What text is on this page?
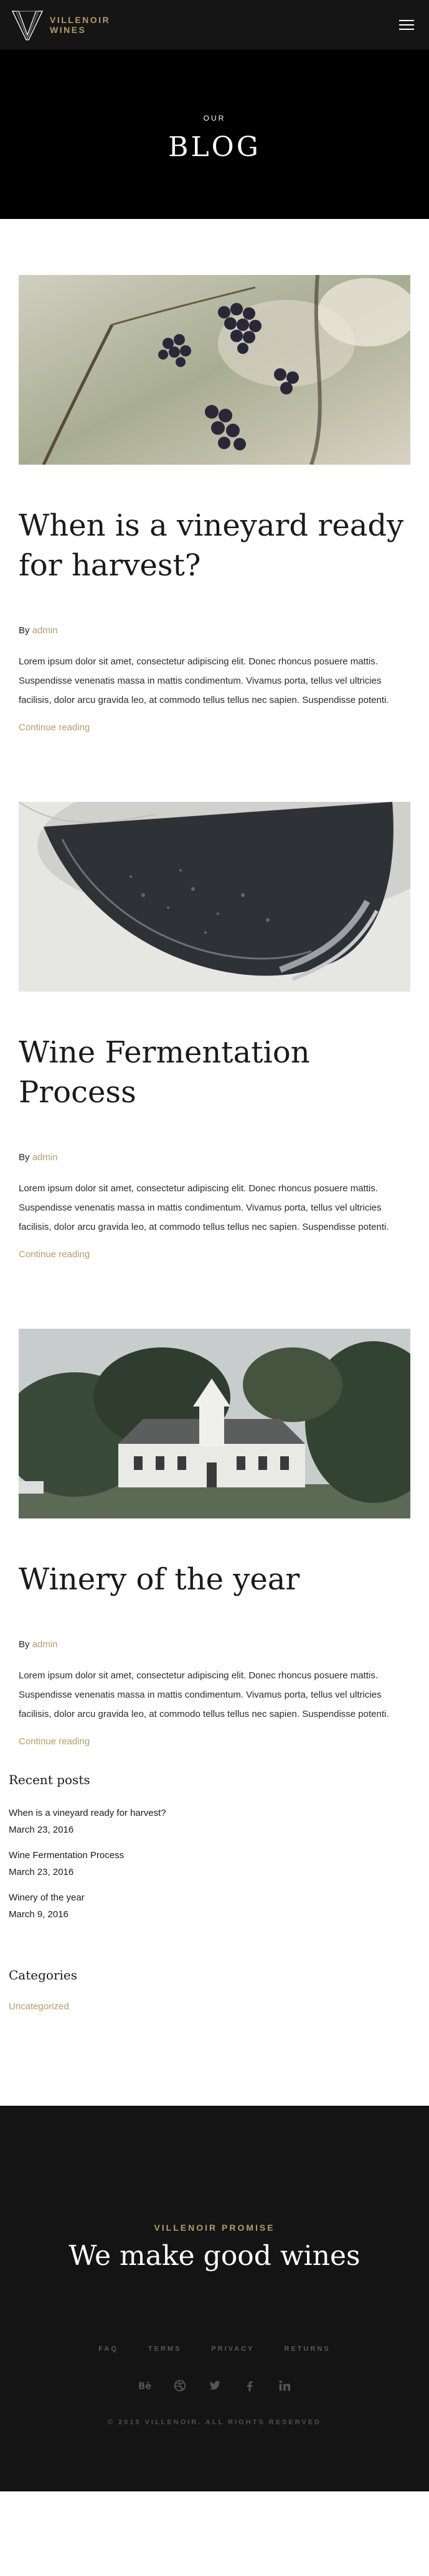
VILLENOIR
WINES
OUR
BLOG
When is a vineyard ready for harvest?

By admin

Lorem ipsum dolor sit amet, consectetur adipiscing elit. Donec rhoncus posuere mattis. Suspendisse venenatis massa in mattis condimentum. Vivamus porta, tellus vel ultricies facilisis, dolor arcu gravida leo, at commodo tellus tellus nec sapien. Suspendisse potenti.

Continue reading
Wine Fermentation Process

By admin

Lorem ipsum dolor sit amet, consectetur adipiscing elit. Donec rhoncus posuere mattis. Suspendisse venenatis massa in mattis condimentum. Vivamus porta, tellus vel ultricies facilisis, dolor arcu gravida leo, at commodo tellus tellus nec sapien. Suspendisse potenti.

Continue reading
Winery of the year

By admin

Lorem ipsum dolor sit amet, consectetur adipiscing elit. Donec rhoncus posuere mattis. Suspendisse venenatis massa in mattis condimentum. Vivamus porta, tellus vel ultricies facilisis, dolor arcu gravida leo, at commodo tellus tellus nec sapien. Suspendisse potenti.

Continue reading
Recent posts
When is a vineyard ready for harvest?
March 23, 2016
Wine Fermentation Process
March 23, 2016
Winery of the year
March 9, 2016
Categories
Uncategorized
VILLENOIR PROMISE
We make good wines
FAQ	TERMS	PRIVACY	RETURNS
Bē
© 2015 VILLENOIR. ALL RIGHTS RESERVED
